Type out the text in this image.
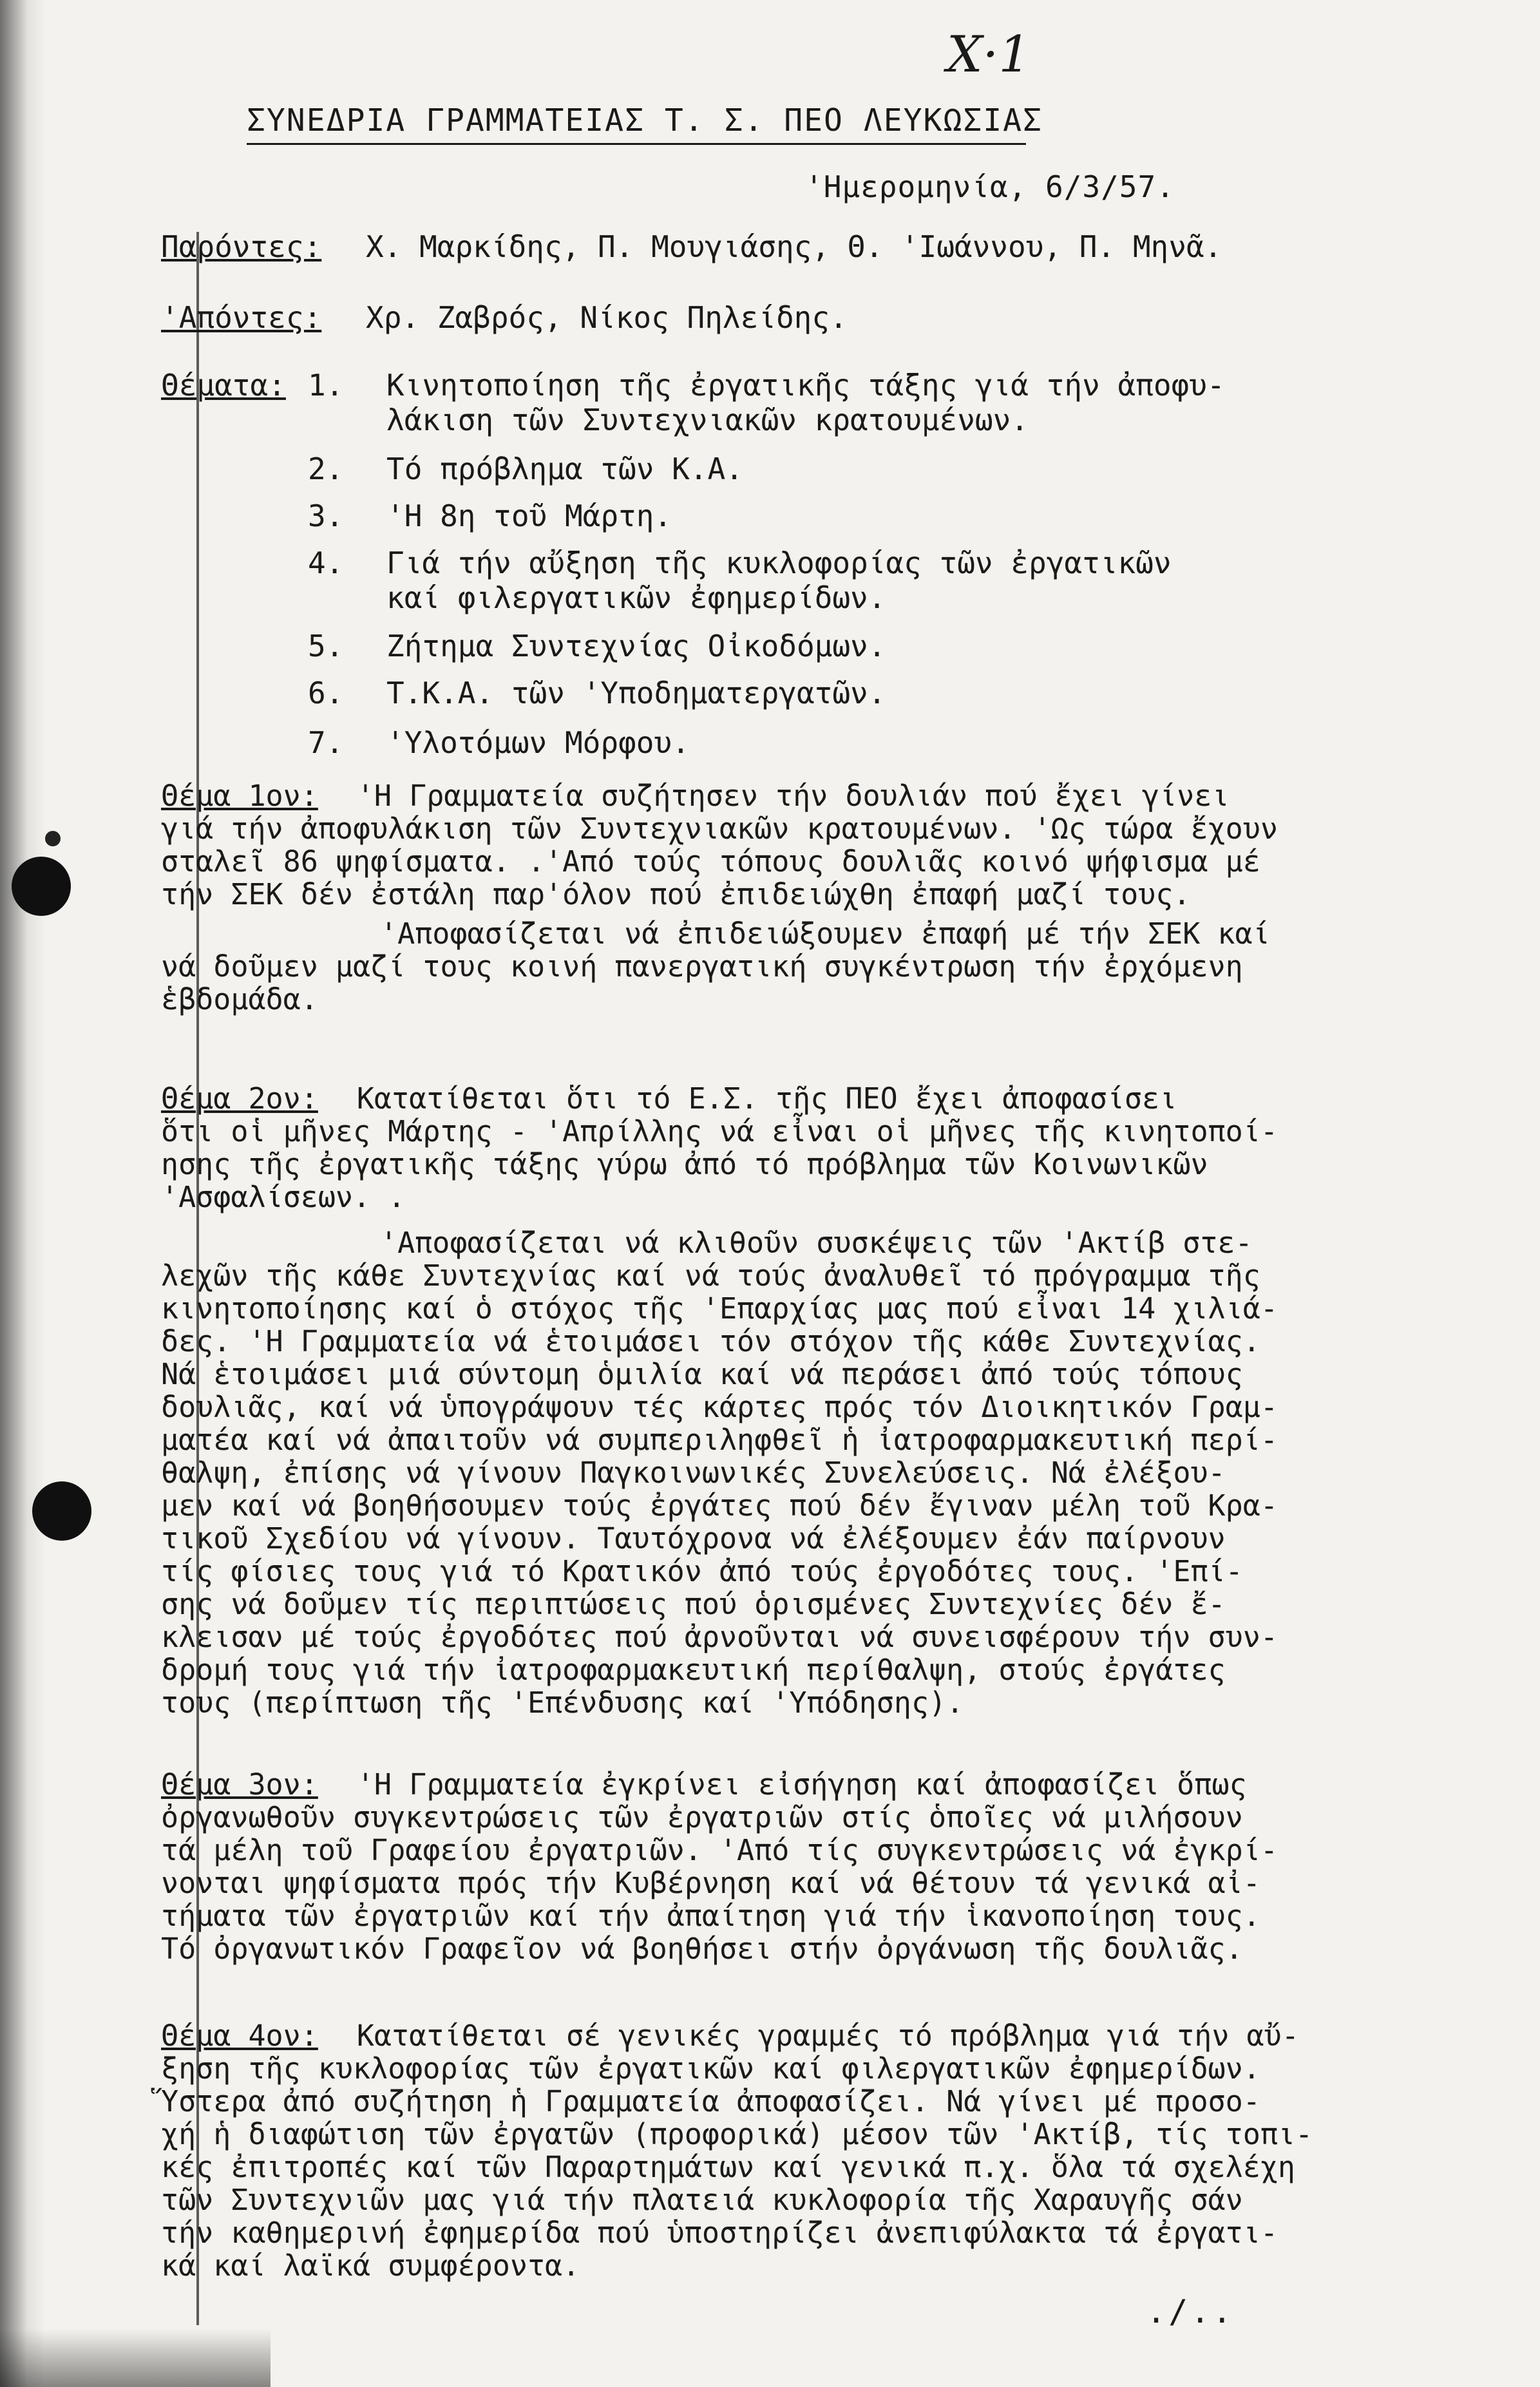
Χ·1
ΣΥΝΕΔΡΙΑ ΓΡΑΜΜΑΤΕΙΑΣ Τ. Σ. ΠΕΟ ΛΕΥΚΩΣΙΑΣ
'Ημερομηνία, 6/3/57.
Παρόντες: Χ. Μαρκίδης, Π. Μουγιάσης, Θ. 'Ιωάννου, Π. Μηνᾶ.
'Απόντες: Χρ. Ζαβρός, Νίκος Πηλείδης.
Θέματα: 1. Κινητοποίηση τῆς ἐργατικῆς τάξης γιά τήν ἀποφυ-
λάκιση τῶν Συντεχνιακῶν κρατουμένων.
2. Τό πρόβλημα τῶν Κ.Α.
3. 'Η 8η τοῦ Μάρτη.
4. Γιά τήν αὔξηση τῆς κυκλοφορίας τῶν ἐργατικῶν
καί φιλεργατικῶν ἐφημερίδων.
5. Ζήτημα Συντεχνίας Οἰκοδόμων.
6. Τ.Κ.Α. τῶν 'Υποδηματεργατῶν.
7. 'Υλοτόμων Μόρφου.
Θέμα 1ον: 'Η Γραμματεία συζήτησεν τήν δουλιάν πού ἔχει γίνει
γιά τήν ἀποφυλάκιση τῶν Συντεχνιακῶν κρατουμένων. 'Ως τώρα ἔχουν
σταλεῖ 86 ψηφίσματα. .'Από τούς τόπους δουλιᾶς κοινό ψήφισμα μέ
τήν ΣΕΚ δέν ἐστάλη παρ'όλον πού ἐπιδειώχθη ἐπαφή μαζί τους.
'Αποφασίζεται νά ἐπιδειώξουμεν ἐπαφή μέ τήν ΣΕΚ καί
νά δοῦμεν μαζί τους κοινή πανεργατική συγκέντρωση τήν ἐρχόμενη
ἑβδομάδα.
Θέμα 2ον: Κατατίθεται ὅτι τό Ε.Σ. τῆς ΠΕΟ ἔχει ἀποφασίσει
ὅτι οἱ μῆνες Μάρτης - 'Απρίλλης νά εἶναι οἱ μῆνες τῆς κινητοποί-
ησης τῆς ἐργατικῆς τάξης γύρω ἀπό τό πρόβλημα τῶν Κοινωνικῶν
'Ασφαλίσεων. .
'Αποφασίζεται νά κλιθοῦν συσκέψεις τῶν 'Ακτίβ στε-
λεχῶν τῆς κάθε Συντεχνίας καί νά τούς ἀναλυθεῖ τό πρόγραμμα τῆς
κινητοποίησης καί ὁ στόχος τῆς 'Επαρχίας μας πού εἶναι 14 χιλιά-
δες. 'Η Γραμματεία νά ἑτοιμάσει τόν στόχον τῆς κάθε Συντεχνίας.
Νά ἑτοιμάσει μιά σύντομη ὁμιλία καί νά περάσει ἀπό τούς τόπους
δουλιᾶς, καί νά ὑπογράψουν τές κάρτες πρός τόν Διοικητικόν Γραμ-
ματέα καί νά ἀπαιτοῦν νά συμπεριληφθεῖ ἡ ἰατροφαρμακευτική περί-
θαλψη, ἐπίσης νά γίνουν Παγκοινωνικές Συνελεύσεις. Νά ἐλέξου-
μεν καί νά βοηθήσουμεν τούς ἐργάτες πού δέν ἔγιναν μέλη τοῦ Κρα-
τικοῦ Σχεδίου νά γίνουν. Ταυτόχρονα νά ἐλέξουμεν ἐάν παίρνουν
τίς φίσιες τους γιά τό Κρατικόν ἀπό τούς ἐργοδότες τους. 'Επί-
σης νά δοῦμεν τίς περιπτώσεις πού ὁρισμένες Συντεχνίες δέν ἔ-
κλεισαν μέ τούς ἐργοδότες πού ἀρνοῦνται νά συνεισφέρουν τήν συν-
δρομή τους γιά τήν ἰατροφαρμακευτική περίθαλψη, στούς ἐργάτες
τους (περίπτωση τῆς 'Επένδυσης καί 'Υπόδησης).
Θέμα 3ον: 'Η Γραμματεία ἐγκρίνει εἰσήγηση καί ἀποφασίζει ὅπως
ὀργανωθοῦν συγκεντρώσεις τῶν ἐργατριῶν στίς ὁποῖες νά μιλήσουν
τά μέλη τοῦ Γραφείου ἐργατριῶν. 'Από τίς συγκεντρώσεις νά ἐγκρί-
νονται ψηφίσματα πρός τήν Κυβέρνηση καί νά θέτουν τά γενικά αἰ-
τήματα τῶν ἐργατριῶν καί τήν ἀπαίτηση γιά τήν ἱκανοποίηση τους.
Τό ὀργανωτικόν Γραφεῖον νά βοηθήσει στήν ὀργάνωση τῆς δουλιᾶς.
Θέμα 4ον: Κατατίθεται σέ γενικές γραμμές τό πρόβλημα γιά τήν αὔ-
ξηση τῆς κυκλοφορίας τῶν ἐργατικῶν καί φιλεργατικῶν ἐφημερίδων.
Ὕστερα ἀπό συζήτηση ἡ Γραμματεία ἀποφασίζει. Νά γίνει μέ προσο-
χή ἡ διαφώτιση τῶν ἐργατῶν (προφορικά) μέσον τῶν 'Ακτίβ, τίς τοπι-
κές ἐπιτροπές καί τῶν Παραρτημάτων καί γενικά π.χ. ὅλα τά σχελέχη
τῶν Συντεχνιῶν μας γιά τήν πλατειά κυκλοφορία τῆς Χαραυγῆς σάν
τήν καθημερινή ἐφημερίδα πού ὑποστηρίζει ἀνεπιφύλακτα τά ἐργατι-
κά καί λαϊκά συμφέροντα.
./..
